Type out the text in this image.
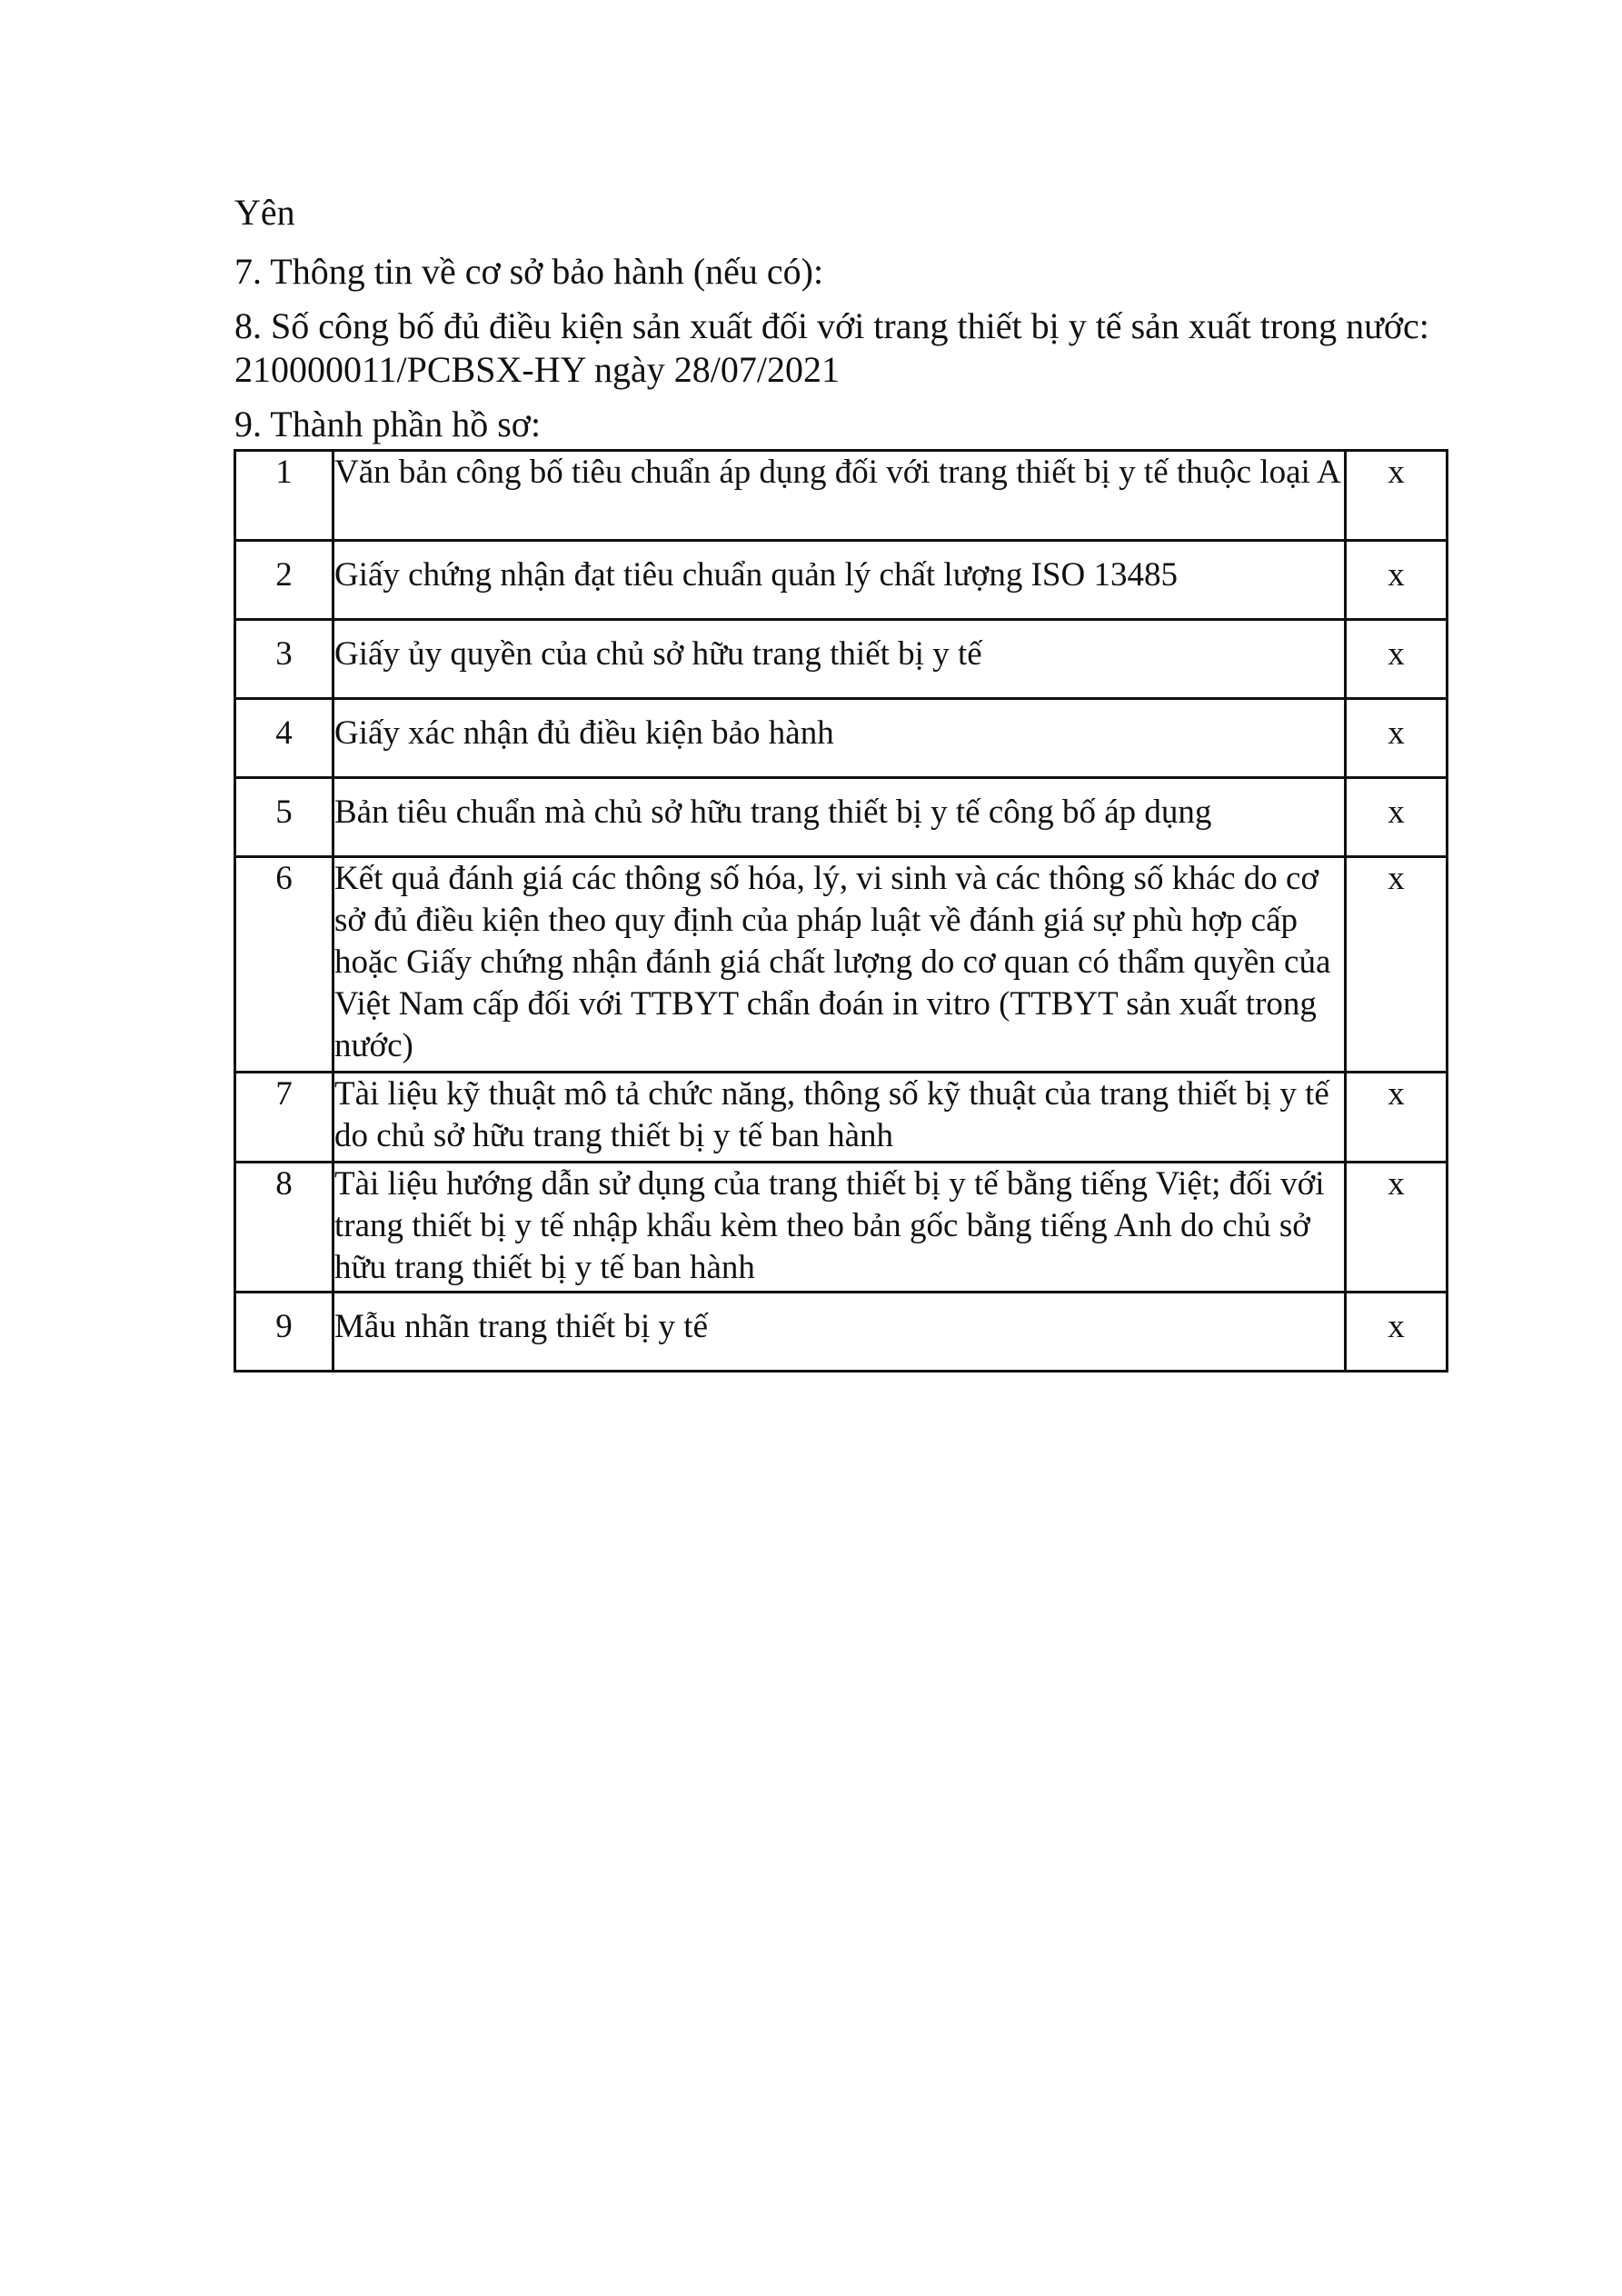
Yên

7. Thông tin về cơ sở bảo hành (nếu có):

8. Số công bố đủ điều kiện sản xuất đối với trang thiết bị y tế sản xuất trong nước: 210000011/PCBSX-HY ngày 28/07/2021

9. Thành phần hồ sơ:

1	Văn bản công bố tiêu chuẩn áp dụng đối với trang thiết bị y tế thuộc loại A	x
2	Giấy chứng nhận đạt tiêu chuẩn quản lý chất lượng ISO 13485	x
3	Giấy ủy quyền của chủ sở hữu trang thiết bị y tế	x
4	Giấy xác nhận đủ điều kiện bảo hành	x
5	Bản tiêu chuẩn mà chủ sở hữu trang thiết bị y tế công bố áp dụng	x
6	Kết quả đánh giá các thông số hóa, lý, vi sinh và các thông số khác do cơ sở đủ điều kiện theo quy định của pháp luật về đánh giá sự phù hợp cấp hoặc Giấy chứng nhận đánh giá chất lượng do cơ quan có thẩm quyền của Việt Nam cấp đối với TTBYT chẩn đoán in vitro (TTBYT sản xuất trong nước)	x
7	Tài liệu kỹ thuật mô tả chức năng, thông số kỹ thuật của trang thiết bị y tế do chủ sở hữu trang thiết bị y tế ban hành	x
8	Tài liệu hướng dẫn sử dụng của trang thiết bị y tế bằng tiếng Việt; đối với trang thiết bị y tế nhập khẩu kèm theo bản gốc bằng tiếng Anh do chủ sở hữu trang thiết bị y tế ban hành	x
9	Mẫu nhãn trang thiết bị y tế	x
